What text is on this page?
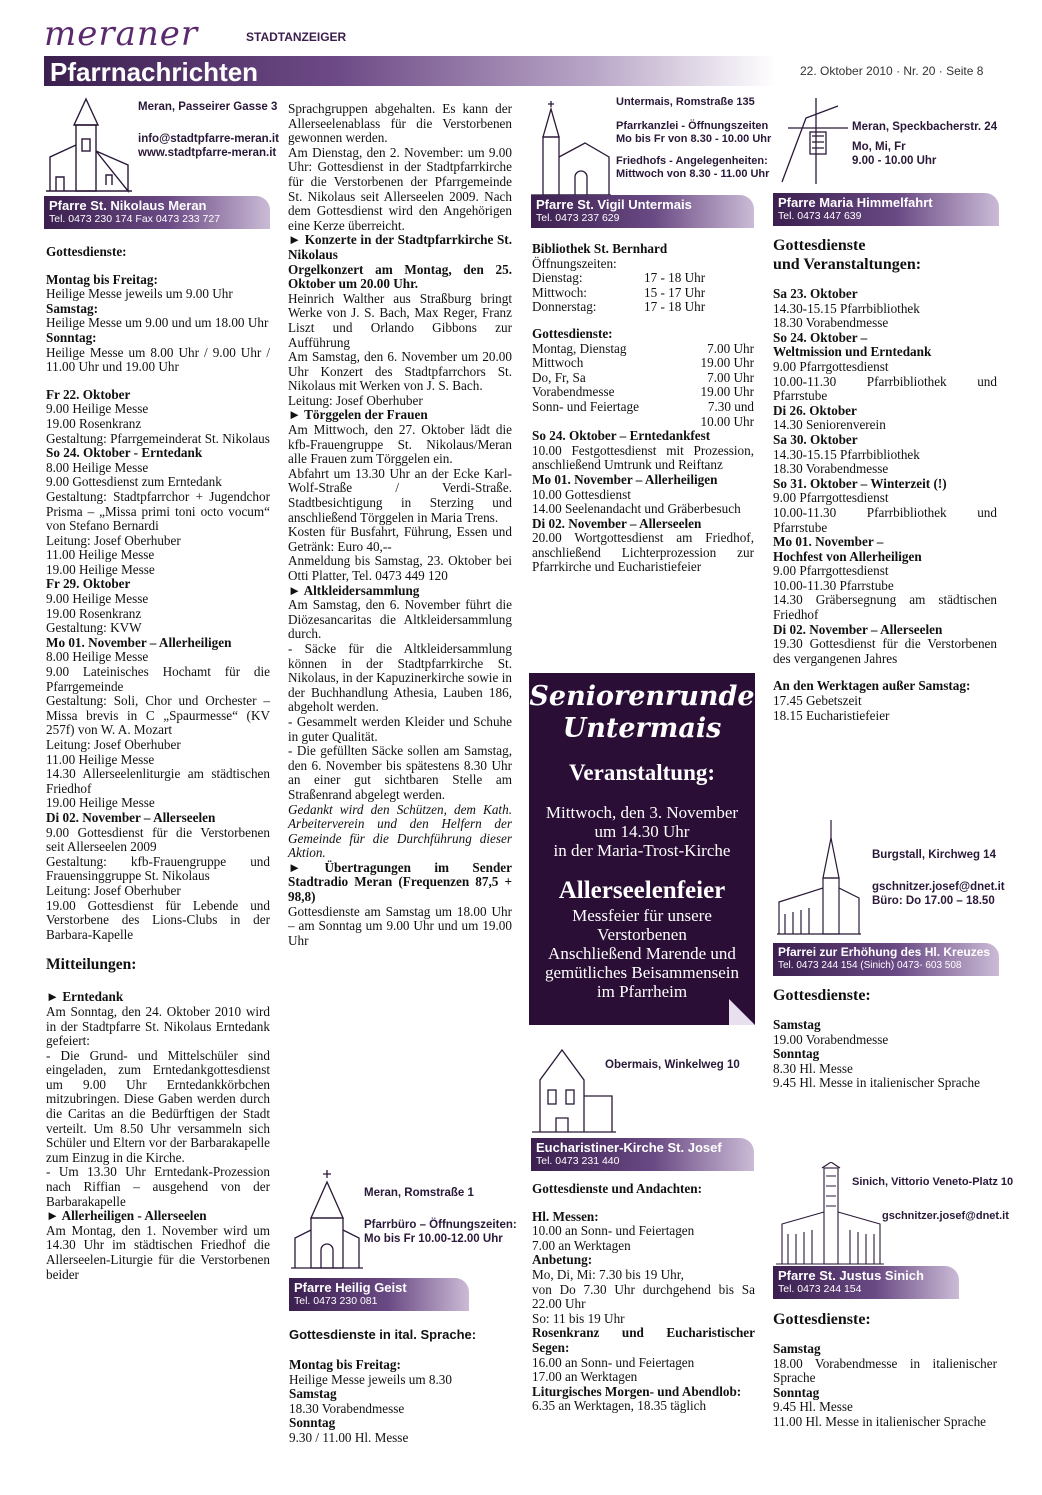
meraner	STADTANZEIGER
Pfarrnachrichten	22. Oktober 2010 · Nr. 20 · Seite 8
Meran, Passeirer Gasse 3
info@stadtpfarre-meran.it
www.stadtpfarre-meran.it
Pfarre St. Nikolaus Meran
Tel. 0473 230 174 Fax 0473 233 727
Gottesdienste:
Montag bis Freitag:
Heilige Messe jeweils um 9.00 Uhr
Samstag:
Heilige Messe um 9.00 und um 18.00 Uhr
Sonntag:
Heilige Messe um 8.00 Uhr / 9.00 Uhr / 11.00 Uhr und 19.00 Uhr
Fr 22. Oktober
9.00 Heilige Messe
19.00 Rosenkranz
Gestaltung: Pfarrgemeinderat St. Nikolaus
So 24. Oktober - Erntedank
8.00 Heilige Messe
9.00 Gottesdienst zum Erntedank
Gestaltung: Stadtpfarrchor + Jugendchor Prisma – „Missa primi toni octo vocum“ von Stefano Bernardi
Leitung: Josef Oberhuber
11.00 Heilige Messe
19.00 Heilige Messe
Fr 29. Oktober
9.00 Heilige Messe
19.00 Rosenkranz
Gestaltung: KVW
Mo 01. November – Allerheiligen
8.00 Heilige Messe
9.00 Lateinisches Hochamt für die Pfarrgemeinde
Gestaltung: Soli, Chor und Orchester – Missa brevis in C „Spaurmesse“ (KV 257f) von W. A. Mozart
Leitung: Josef Oberhuber
11.00 Heilige Messe
14.30 Allerseelenliturgie am städtischen Friedhof
19.00 Heilige Messe
Di 02. November – Allerseelen
9.00 Gottesdienst für die Verstorbenen seit Allerseelen 2009
Gestaltung: kfb-Frauengruppe und Frauensinggruppe St. Nikolaus
Leitung: Josef Oberhuber
19.00 Gottesdienst für Lebende und Verstorbene des Lions-Clubs in der Barbara-Kapelle
Mitteilungen:
► Erntedank
Am Sonntag, den 24. Oktober 2010 wird in der Stadtpfarre St. Nikolaus Erntedank gefeiert:
- Die Grund- und Mittelschüler sind eingeladen, zum Erntedankgottesdienst um 9.00 Uhr Erntedankkörbchen mitzubringen. Diese Gaben werden durch die Caritas an die Bedürftigen der Stadt verteilt. Um 8.50 Uhr versammeln sich Schüler und Eltern vor der Barbarakapelle zum Einzug in die Kirche.
- Um 13.30 Uhr Erntedank-Prozession nach Riffian – ausgehend von der Barbarakapelle
► Allerheiligen - Allerseelen
Am Montag, den 1. November wird um 14.30 Uhr im städtischen Friedhof die Allerseelen-Liturgie für die Verstorbenen beider
Sprachgruppen abgehalten. Es kann der Allerseelenablass für die Verstorbenen gewonnen werden.
Am Dienstag, den 2. November: um 9.00 Uhr: Gottesdienst in der Stadtpfarrkirche für die Verstorbenen der Pfarrgemeinde St. Nikolaus seit Allerseelen 2009. Nach dem Gottesdienst wird den Angehörigen eine Kerze überreicht.
► Konzerte in der Stadtpfarrkirche St. Nikolaus
Orgelkonzert am Montag, den 25. Oktober um 20.00 Uhr.
Heinrich Walther aus Straßburg bringt Werke von J. S. Bach, Max Reger, Franz Liszt und Orlando Gibbons zur Aufführung
Am Samstag, den 6. November um 20.00 Uhr Konzert des Stadtpfarrchors St. Nikolaus mit Werken von J. S. Bach.
Leitung: Josef Oberhuber
► Törggelen der Frauen
Am Mittwoch, den 27. Oktober lädt die kfb-Frauengruppe St. Nikolaus/Meran alle Frauen zum Törggelen ein.
Abfahrt um 13.30 Uhr an der Ecke Karl-Wolf-Straße / Verdi-Straße. Stadtbesichtigung in Sterzing und anschließend Törggelen in Maria Trens.
Kosten für Busfahrt, Führung, Essen und Getränk: Euro 40,--
Anmeldung bis Samstag, 23. Oktober bei Otti Platter, Tel. 0473 449 120
► Altkleidersammlung
Am Samstag, den 6. November führt die Diözesancaritas die Altkleidersammlung durch.
- Säcke für die Altkleidersammlung können in der Stadtpfarrkirche St. Nikolaus, in der Kapuzinerkirche sowie in der Buchhandlung Athesia, Lauben 186, abgeholt werden.
- Gesammelt werden Kleider und Schuhe in guter Qualität.
- Die gefüllten Säcke sollen am Samstag, den 6. November bis spätestens 8.30 Uhr an einer gut sichtbaren Stelle am Straßenrand abgelegt werden.
Gedankt wird den Schützen, dem Kath. Arbeiterverein und den Helfern der Gemeinde für die Durchführung dieser Aktion.
► Übertragungen im Sender Stadtradio Meran (Frequenzen 87,5 + 98,8)
Gottesdienste am Samstag um 18.00 Uhr – am Sonntag um 9.00 Uhr und um 19.00 Uhr
Meran, Romstraße 1
Pfarrbüro – Öffnungszeiten:
Mo bis Fr 10.00-12.00 Uhr
Pfarre Heilig Geist
Tel. 0473 230 081
Gottesdienste in ital. Sprache:
Montag bis Freitag:
Heilige Messe jeweils um 8.30
Samstag
18.30 Vorabendmesse
Sonntag
9.30 / 11.00 Hl. Messe
Untermais, Romstraße 135
Pfarrkanzlei - Öffnungszeiten
Mo bis Fr von 8.30 - 10.00 Uhr
Friedhofs - Angelegenheiten:
Mittwoch von 8.30 - 11.00 Uhr
Pfarre St. Vigil Untermais
Tel. 0473 237 629
Bibliothek St. Bernhard
Öffnungszeiten:
Dienstag:	17 - 18 Uhr
Mittwoch:	15 - 17 Uhr
Donnerstag:	17 - 18 Uhr
Gottesdienste:
Montag, Dienstag	7.00 Uhr
Mittwoch	19.00 Uhr
Do, Fr, Sa	7.00 Uhr
Vorabendmesse	19.00 Uhr
Sonn- und Feiertage	7.30 und
10.00 Uhr
So 24. Oktober – Erntedankfest
10.00 Festgottesdienst mit Prozession, anschließend Umtrunk und Reiftanz
Mo 01. November – Allerheiligen
10.00 Gottesdienst
14.00 Seelenandacht und Gräberbesuch
Di 02. November – Allerseelen
20.00 Wortgottesdienst am Friedhof, anschließend Lichterprozession zur Pfarrkirche und Eucharistiefeier
Seniorenrunde
Untermais
Veranstaltung:
Mittwoch, den 3. November
um 14.30 Uhr
in der Maria-Trost-Kirche
Allerseelenfeier
Messfeier für unsere
Verstorbenen
Anschließend Marende und
gemütliches Beisammensein
im Pfarrheim
Obermais, Winkelweg 10
Eucharistiner-Kirche St. Josef
Tel. 0473 231 440
Gottesdienste und Andachten:
Hl. Messen:
10.00 an Sonn- und Feiertagen
7.00 an Werktagen
Anbetung:
Mo, Di, Mi: 7.30 bis 19 Uhr,
von Do 7.30 Uhr durchgehend bis Sa 22.00 Uhr
So: 11 bis 19 Uhr
Rosenkranz und Eucharistischer Segen:
16.00 an Sonn- und Feiertagen
17.00 an Werktagen
Liturgisches Morgen- und Abendlob:
6.35 an Werktagen, 18.35 täglich
Meran, Speckbacherstr. 24
Mo, Mi, Fr
9.00 - 10.00 Uhr
Pfarre Maria Himmelfahrt
Tel. 0473 447 639
Gottesdienste
und Veranstaltungen:
Sa 23. Oktober
14.30-15.15 Pfarrbibliothek
18.30 Vorabendmesse
So 24. Oktober –
Weltmission und Erntedank
9.00 Pfarrgottesdienst
10.00-11.30 Pfarrbibliothek und Pfarrstube
Di 26. Oktober
14.30 Seniorenverein
Sa 30. Oktober
14.30-15.15 Pfarrbibliothek
18.30 Vorabendmesse
So 31. Oktober – Winterzeit (!)
9.00 Pfarrgottesdienst
10.00-11.30 Pfarrbibliothek und Pfarrstube
Mo 01. November –
Hochfest von Allerheiligen
9.00 Pfarrgottesdienst
10.00-11.30 Pfarrstube
14.30 Gräbersegnung am städtischen Friedhof
Di 02. November – Allerseelen
19.30 Gottesdienst für die Verstorbenen des vergangenen Jahres
An den Werktagen außer Samstag:
17.45 Gebetszeit
18.15 Eucharistiefeier
Burgstall, Kirchweg 14
gschnitzer.josef@dnet.it
Büro: Do 17.00 – 18.50
Pfarrei zur Erhöhung des Hl. Kreuzes
Tel. 0473 244 154 (Sinich) 0473- 603 508
Gottesdienste:
Samstag
19.00 Vorabendmesse
Sonntag
8.30 Hl. Messe
9.45 Hl. Messe in italienischer Sprache
Sinich, Vittorio Veneto-Platz 10
gschnitzer.josef@dnet.it
Pfarre St. Justus Sinich
Tel. 0473 244 154
Gottesdienste:
Samstag
18.00 Vorabendmesse in italienischer Sprache
Sonntag
9.45 Hl. Messe
11.00 Hl. Messe in italienischer Sprache
